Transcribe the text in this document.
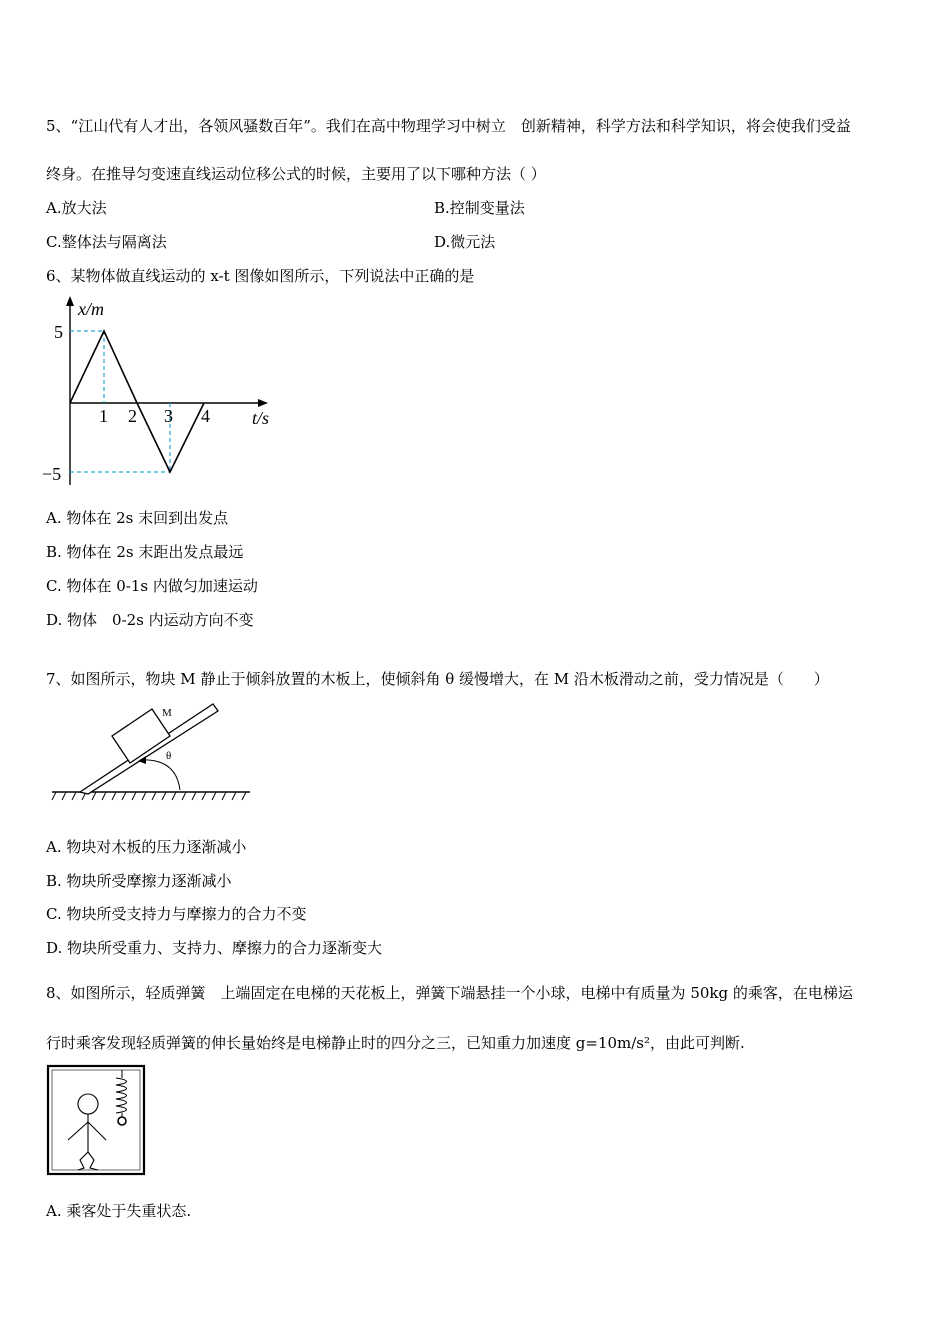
5、“江山代有人才出，各领风骚数百年”。我们在高中物理学习中树立　创新精神，科学方法和科学知识，将会使我们受益
终身。在推导匀变速直线运动位移公式的时候，主要用了以下哪种方法（ ）
A.放大法	B.控制变量法
C.整体法与隔离法	D.微元法
6、某物体做直线运动的 x-t 图像如图所示，下列说法中正确的是
x/m
5
−5
1 2 3 4 t/s
A. 物体在 2s 末回到出发点
B. 物体在 2s 末距出发点最远
C. 物体在 0-1s 内做匀加速运动
D. 物体　0-2s 内运动方向不变
7、如图所示，物块 M 静止于倾斜放置的木板上，使倾斜角 θ 缓慢增大，在 M 沿木板滑动之前，受力情况是（　　）
M
θ
A. 物块对木板的压力逐渐减小
B. 物块所受摩擦力逐渐减小
C. 物块所受支持力与摩擦力的合力不变
D. 物块所受重力、支持力、摩擦力的合力逐渐变大
8、如图所示，轻质弹簧　上端固定在电梯的天花板上，弹簧下端悬挂一个小球，电梯中有质量为 50kg 的乘客，在电梯运
行时乘客发现轻质弹簧的伸长量始终是电梯静止时的四分之三，已知重力加速度 g=10m/s²，由此可判断.
A. 乘客处于失重状态.
